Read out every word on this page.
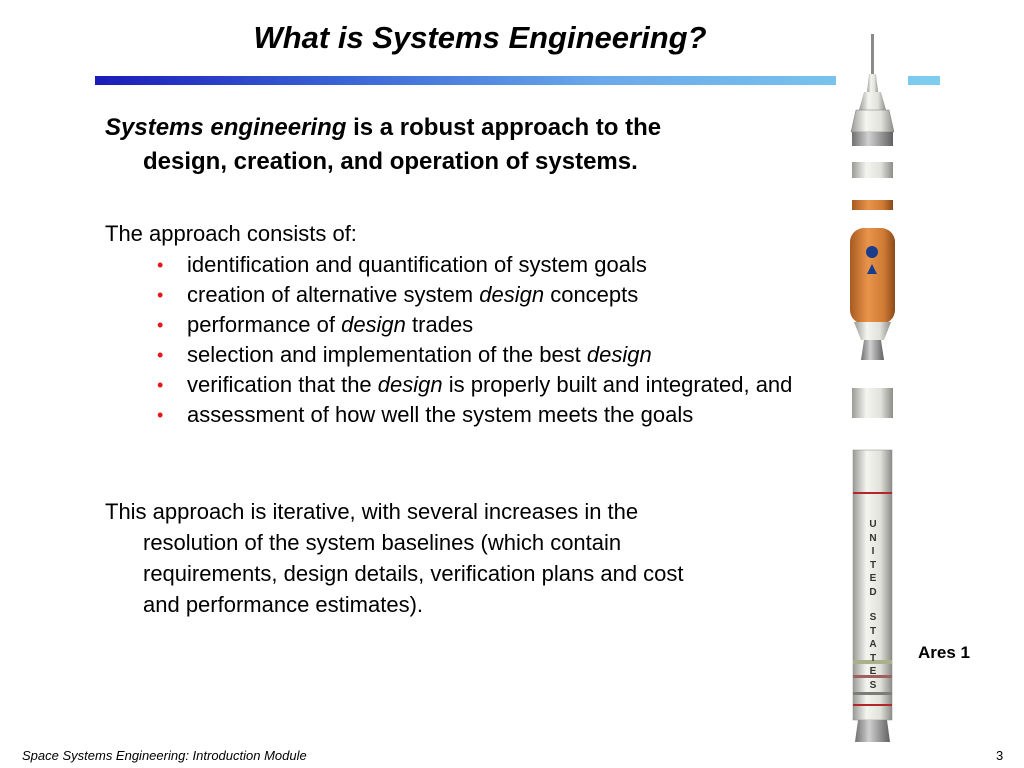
What is Systems Engineering?

Systems engineering is a robust approach to the
design, creation, and operation of systems.

The approach consists of:

• identification and quantification of system goals
• creation of alternative system design concepts
• performance of design trades
• selection and implementation of the best design
• verification that the design is properly built and integrated, and
• assessment of how well the system meets the goals

This approach is iterative, with several increases in the
resolution of the system baselines (which contain
requirements, design details, verification plans and cost
and performance estimates).

U
N
I
T
E
D
S
T
A
T
E
S
Ares 1
Space Systems Engineering: Introduction Module	3
